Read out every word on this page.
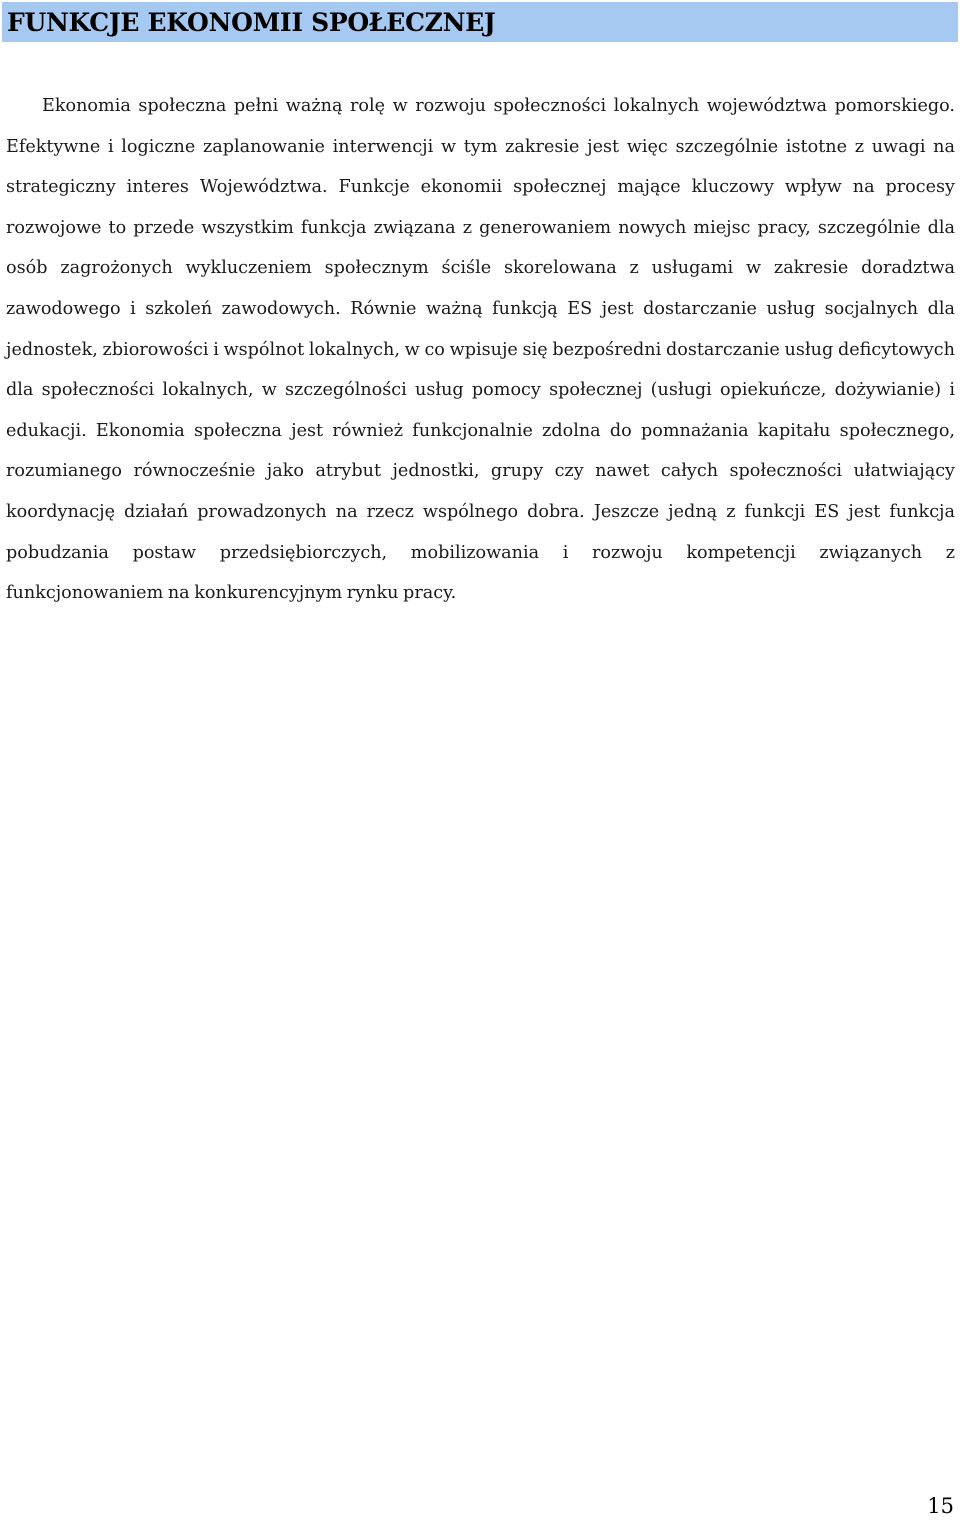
FUNKCJE EKONOMII SPOŁECZNEJ

Ekonomia społeczna pełni ważną rolę w rozwoju społeczności lokalnych województwa pomorskiego. Efektywne i logiczne zaplanowanie interwencji w tym zakresie jest więc szczególnie istotne z uwagi na strategiczny interes Województwa. Funkcje ekonomii społecznej mające kluczowy wpływ na procesy rozwojowe to przede wszystkim funkcja związana z generowaniem nowych miejsc pracy, szczególnie dla osób zagrożonych wykluczeniem społecznym ściśle skorelowana z usługami w zakresie doradztwa zawodowego i szkoleń zawodowych. Równie ważną funkcją ES jest dostarczanie usług socjalnych dla jednostek, zbiorowości i wspólnot lokalnych, w co wpisuje się bezpośredni dostarczanie usług deficytowych dla społeczności lokalnych, w szczególności usług pomocy społecznej (usługi opiekuńcze, dożywianie) i edukacji. Ekonomia społeczna jest również funkcjonalnie zdolna do pomnażania kapitału społecznego, rozumianego równocześnie jako atrybut jednostki, grupy czy nawet całych społeczności ułatwiający koordynację działań prowadzonych na rzecz wspólnego dobra. Jeszcze jedną z funkcji ES jest funkcja pobudzania postaw przedsiębiorczych, mobilizowania i rozwoju kompetencji związanych z funkcjonowaniem na konkurencyjnym rynku pracy.

15
